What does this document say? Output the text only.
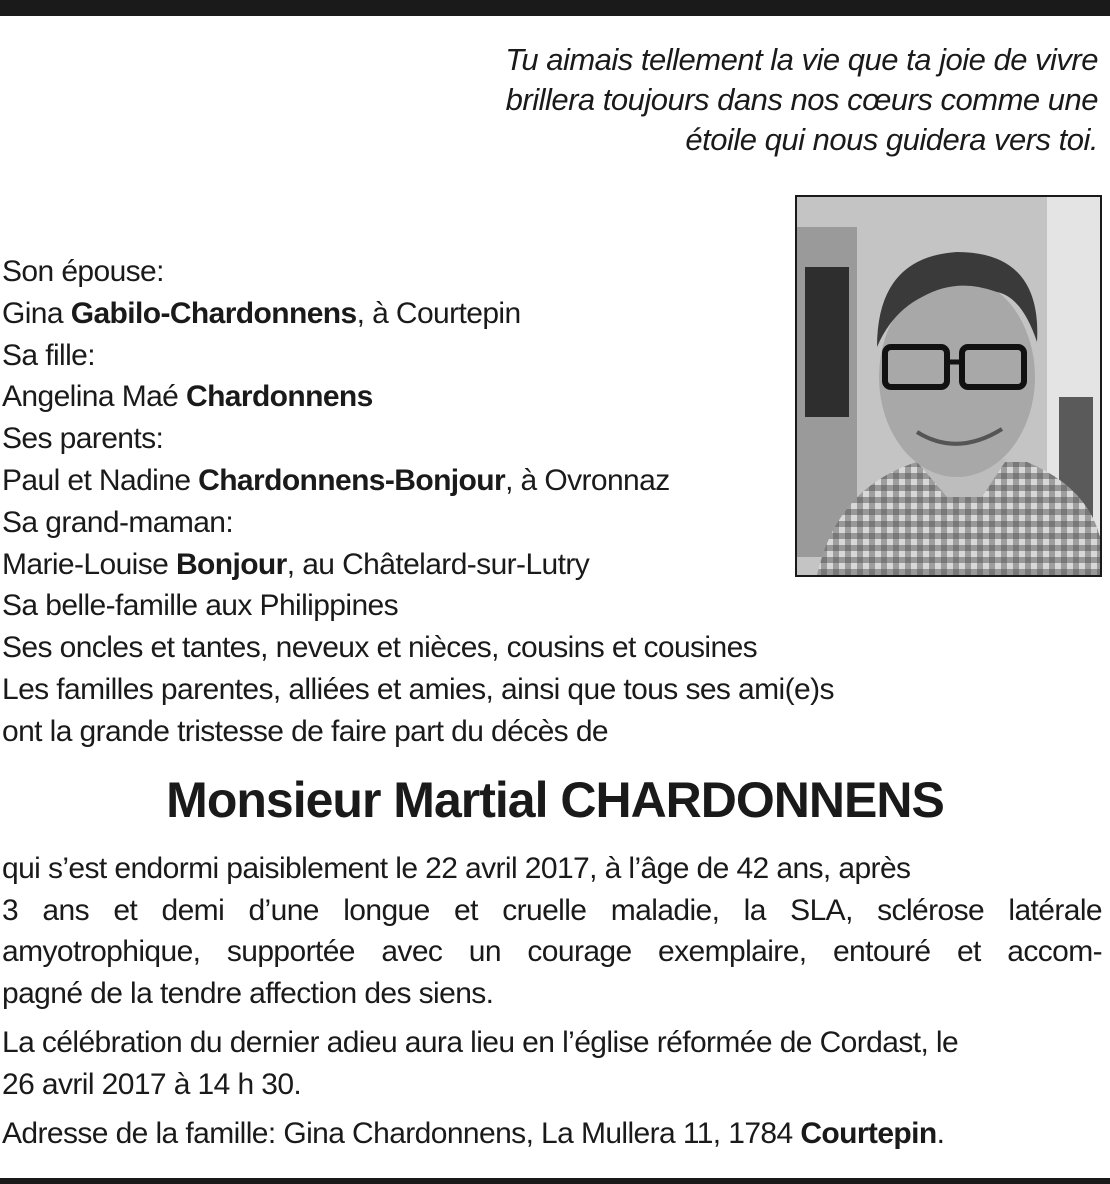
Tu aimais tellement la vie que ta joie de vivre
brillera toujours dans nos cœurs comme une
étoile qui nous guidera vers toi.
Son épouse:
Gina Gabilo-Chardonnens, à Courtepin
Sa fille:
Angelina Maé Chardonnens
Ses parents:
Paul et Nadine Chardonnens-Bonjour, à Ovronnaz
Sa grand-maman:
Marie-Louise Bonjour, au Châtelard-sur-Lutry
Sa belle-famille aux Philippines
Ses oncles et tantes, neveux et nièces, cousins et cousines
Les familles parentes, alliées et amies, ainsi que tous ses ami(e)s
ont la grande tristesse de faire part du décès de
Monsieur Martial CHARDONNENS
qui s’est endormi paisiblement le 22 avril 2017, à l’âge de 42 ans, après
3 ans et demi d’une longue et cruelle maladie, la SLA, sclérose latérale
amyotrophique, supportée avec un courage exemplaire, entouré et accom-
pagné de la tendre affection des siens.
La célébration du dernier adieu aura lieu en l’église réformée de Cordast, le
26 avril 2017 à 14 h 30.
Adresse de la famille: Gina Chardonnens, La Mullera 11, 1784 Courtepin.
